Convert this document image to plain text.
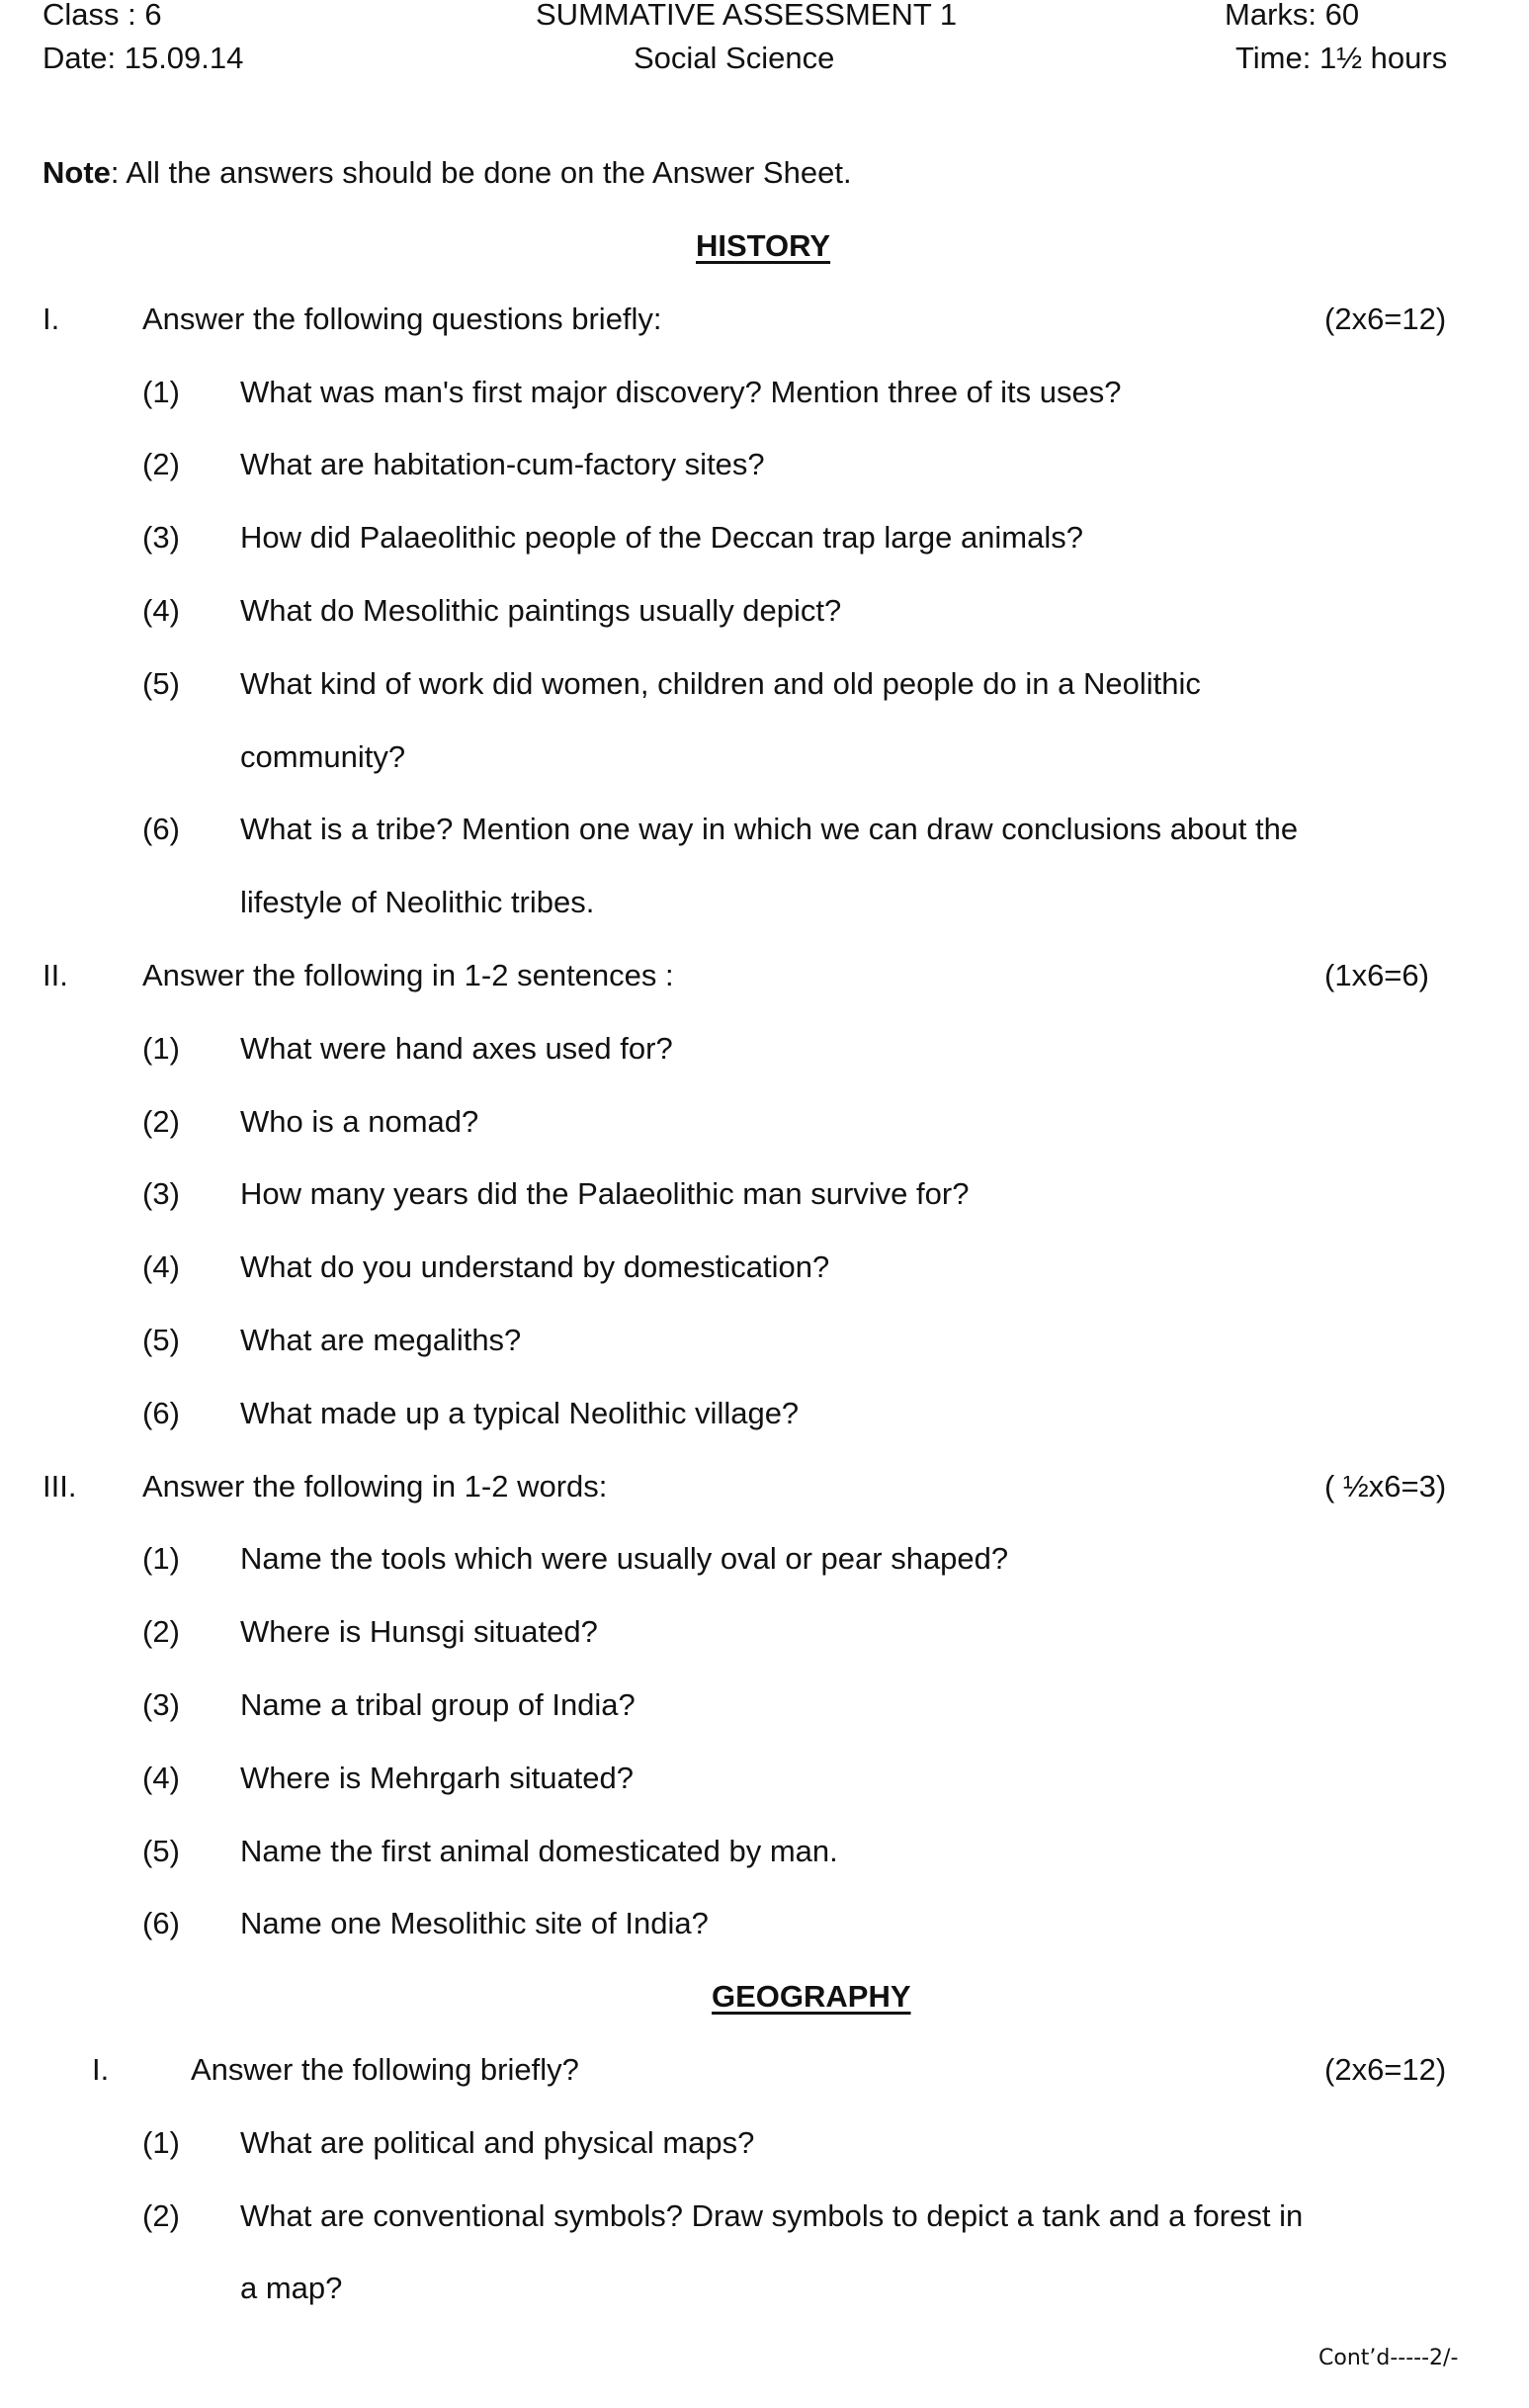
Class : 6	SUMMATIVE ASSESSMENT 1	Marks: 60
Date: 15.09.14	Social Science	Time: 1½ hours
Note: All the answers should be done on the Answer Sheet.
HISTORY
I.	Answer the following questions briefly:	(2x6=12)
(1) What was man's first major discovery? Mention three of its uses?
(2) What are habitation-cum-factory sites?
(3) How did Palaeolithic people of the Deccan trap large animals?
(4) What do Mesolithic paintings usually depict?
(5) What kind of work did women, children and old people do in a Neolithic
community?
(6) What is a tribe? Mention one way in which we can draw conclusions about the
lifestyle of Neolithic tribes.
II. Answer the following in 1-2 sentences :	(1x6=6)
(1) What were hand axes used for?
(2) Who is a nomad?
(3) How many years did the Palaeolithic man survive for?
(4) What do you understand by domestication?
(5) What are megaliths?
(6) What made up a typical Neolithic village?
III. Answer the following in 1-2 words:	( ½x6=3)
(1) Name the tools which were usually oval or pear shaped?
(2) Where is Hunsgi situated?
(3) Name a tribal group of India?
(4) Where is Mehrgarh situated?
(5) Name the first animal domesticated by man.
(6) Name one Mesolithic site of India?
GEOGRAPHY
I.	Answer the following briefly?	(2x6=12)
(1) What are political and physical maps?
(2) What are conventional symbols? Draw symbols to depict a tank and a forest in
a map?
Cont’d-----2/-
